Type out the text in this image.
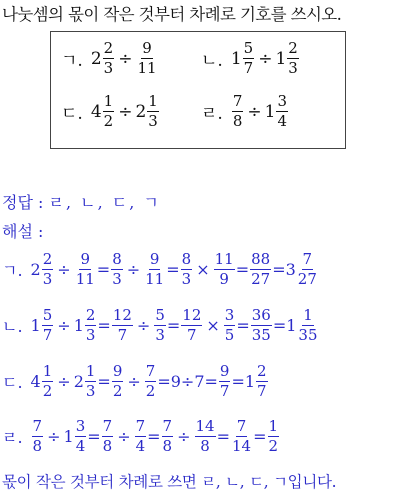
나눗셈의 몫이 작은 것부터 차례로 기호를 쓰시오.
ㄱ. $2 \frac{2}{3} \div \frac{9}{11}$	ㄴ. $1 \frac{5}{7} \div 1 \frac{2}{3}$
ㄷ. $4 \frac{1}{2} \div 2 \frac{1}{3}$ ㄹ. $\frac{7}{8} \div 1 \frac{3}{4}$
정답 : ㄹ, ㄴ, ㄷ, ㄱ
해설 :
ㄱ. $2 \frac{2}{3} \div \frac{9}{11} = \frac{8}{3} \div \frac{9}{11} = \frac{8}{3} \times \frac{11}{9} = \frac{88}{27} = 3 \frac{7}{27}$
ㄴ. $1 \frac{5}{7} \div 1 \frac{2}{3} = \frac{12}{7} \div \frac{5}{3} = \frac{12}{7} \times \frac{3}{5} = \frac{36}{35} = 1 \frac{1}{35}$
ㄷ. $4 \frac{1}{2} \div 2 \frac{1}{3} = \frac{9}{2} \div \frac{7}{2} = 9\div 7 = \frac{9}{7} = 1 \frac{2}{7}$
ㄹ. $\frac{7}{8} \div 1 \frac{3}{4} = \frac{7}{8} \div \frac{7}{4} = \frac{7}{8} \div \frac{14}{8} = \frac{7}{14} = \frac{1}{2}$
몫이 작은 것부터 차례로 쓰면 ㄹ, ㄴ, ㄷ, ㄱ입니다.
